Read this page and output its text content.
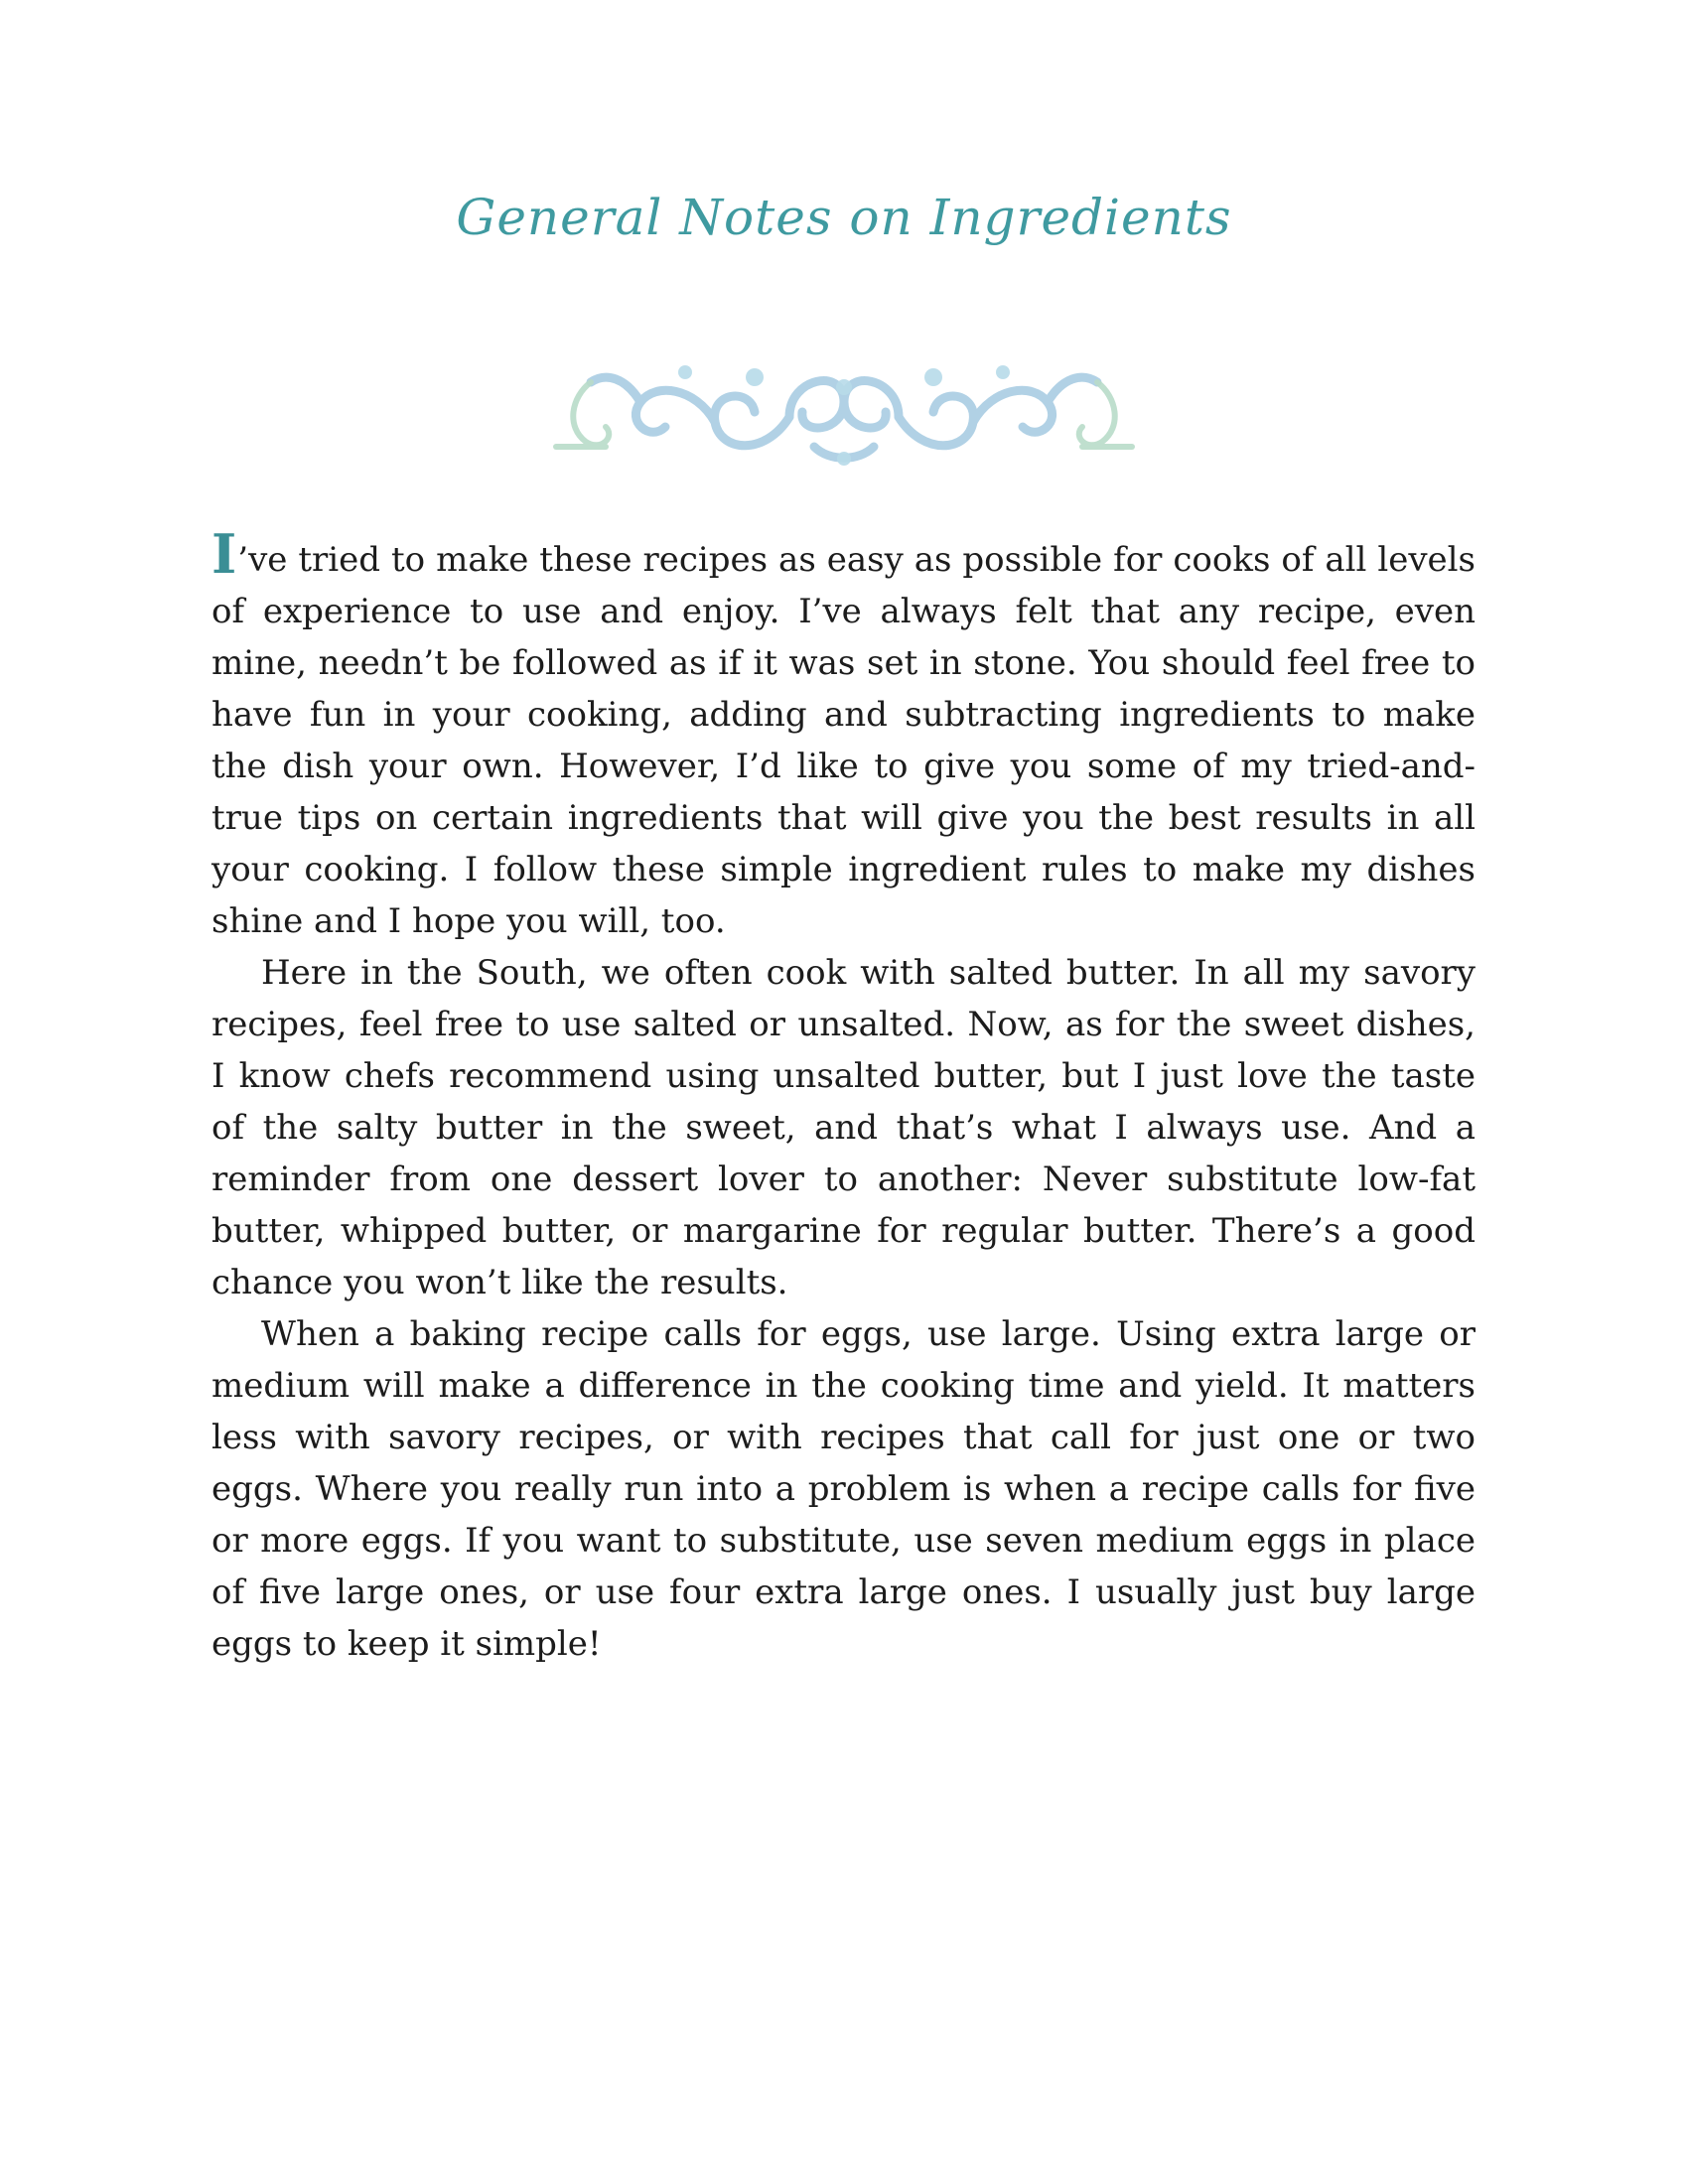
General Notes on Ingredients

I’ve tried to make these recipes as easy as possible for cooks of all levels of experience to use and enjoy. I’ve always felt that any recipe, even mine, needn’t be followed as if it was set in stone. You should feel free to have fun in your cooking, adding and subtracting ingredients to make the dish your own. However, I’d like to give you some of my tried-and-true tips on certain ingredients that will give you the best results in all your cooking. I follow these simple ingredient rules to make my dishes shine and I hope you will, too.

Here in the South, we often cook with salted butter. In all my savory recipes, feel free to use salted or unsalted. Now, as for the sweet dishes, I know chefs recommend using unsalted butter, but I just love the taste of the salty butter in the sweet, and that’s what I always use. And a reminder from one dessert lover to another: Never substitute low-fat butter, whipped butter, or margarine for regular butter. There’s a good chance you won’t like the results.

When a baking recipe calls for eggs, use large. Using extra large or medium will make a difference in the cooking time and yield. It matters less with savory recipes, or with recipes that call for just one or two eggs. Where you really run into a problem is when a recipe calls for five or more eggs. If you want to substitute, use seven medium eggs in place of five large ones, or use four extra large ones. I usually just buy large eggs to keep it simple!
